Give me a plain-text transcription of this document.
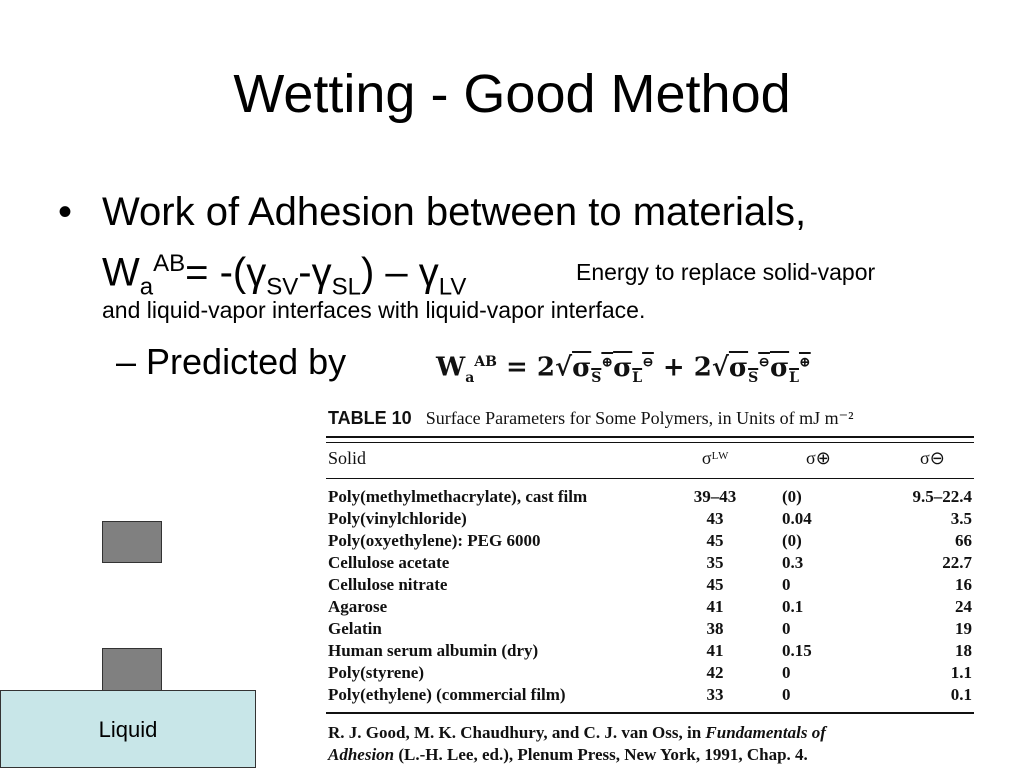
Wetting - Good Method
• Work of Adhesion between to materials,
$W_a^{AB}= -(\gamma_{SV}-\gamma_{SL}) - \gamma_{LV}$
Energy to replace solid-vapor
and liquid-vapor interfaces with liquid-vapor interface.
– Predicted by	$W_a^{AB} = 2√\sigma_S^\oplus\sigma_L^⊖ + 2√\sigma_S^⊖\sigma_L^\oplus$
TABLE 10 Surface Parameters for Some Polymers, in Units of mJ m⁻²
Solid	σᴸᵂ	σ⊕	σ⊖
Poly(methylmethacrylate), cast film	39–43	(0)	9.5–22.4
Poly(vinylchloride)	43	0.04	3.5
Poly(oxyethylene): PEG 6000	45	(0)	66
Cellulose acetate	35	0.3	22.7
Cellulose nitrate	45	0	16
Agarose	41	0.1	24
Gelatin	38	0	19
Human serum albumin (dry)	41	0.15	18
Poly(styrene)	42	0	1.1
Poly(ethylene) (commercial film)	33	0	0.1
R. J. Good, M. K. Chaudhury, and C. J. van Oss, in Fundamentals of
Adhesion (L.-H. Lee, ed.), Plenum Press, New York, 1991, Chap. 4.
Liquid
